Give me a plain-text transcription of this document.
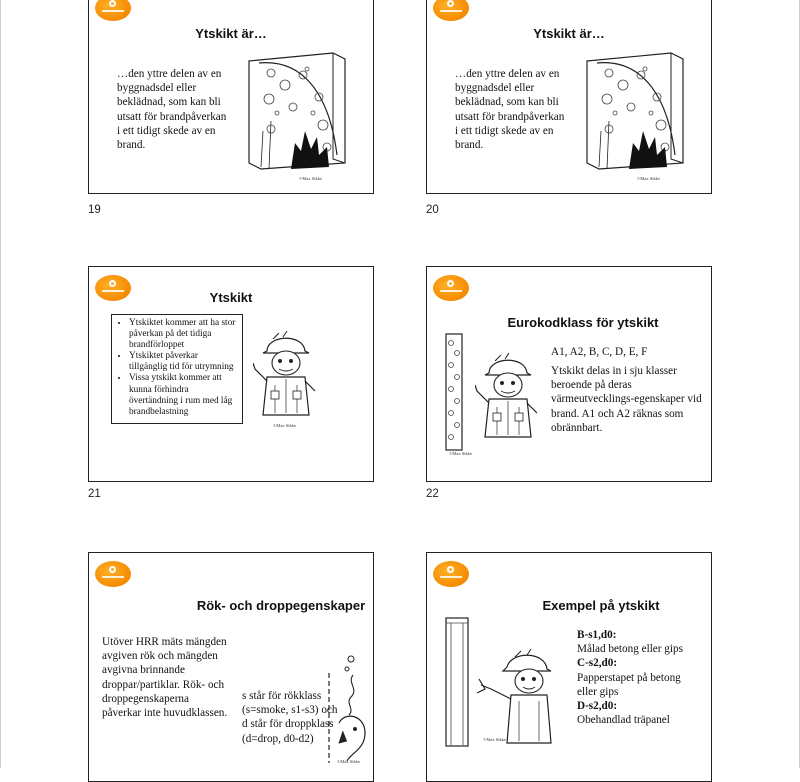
Ytskikt är…
…den yttre delen av en
byggnadsdel eller
beklädnad, som kan bli
utsatt för brandpåverkan
i ett tidigt skede av en
brand.
©Max Sikke
19
Ytskikt är…
…den yttre delen av en
byggnadsdel eller
beklädnad, som kan bli
utsatt för brandpåverkan
i ett tidigt skede av en
brand.
©Max Sikke
20
Ytskikt
• Ytskiktet kommer att ha stor påverkan på det tidiga brandförloppet
• Ytskiktet påverkar tillgänglig tid för utrymning
• Vissa ytskikt kommer att kunna förhindra övertändning i rum med låg brandbelastning
©Max Sikke
21
Eurokodklass för ytskikt
A1, A2, B, C, D, E, F
Ytskikt delas in i sju klasser
beroende på deras
värmeutvecklings-egenskaper vid
brand. A1 och A2 räknas som
obrännbart.
©Max Sikke
22
Rök- och droppegenskaper
Utöver HRR mäts mängden
avgiven rök och mängden
avgivna brinnande
droppar/partiklar. Rök- och
droppegenskaperna
påverkar inte huvudklassen.
s står för rökklass
(s=smoke, s1-s3) och
d står för droppklass
(d=drop, d0-d2)
©Max Sikke
Exempel på ytskikt
B-s1,d0:
Målad betong eller gips
C-s2,d0:
Papperstapet på betong
eller gips
D-s2,d0:
Obehandlad träpanel
©Max Sikke
